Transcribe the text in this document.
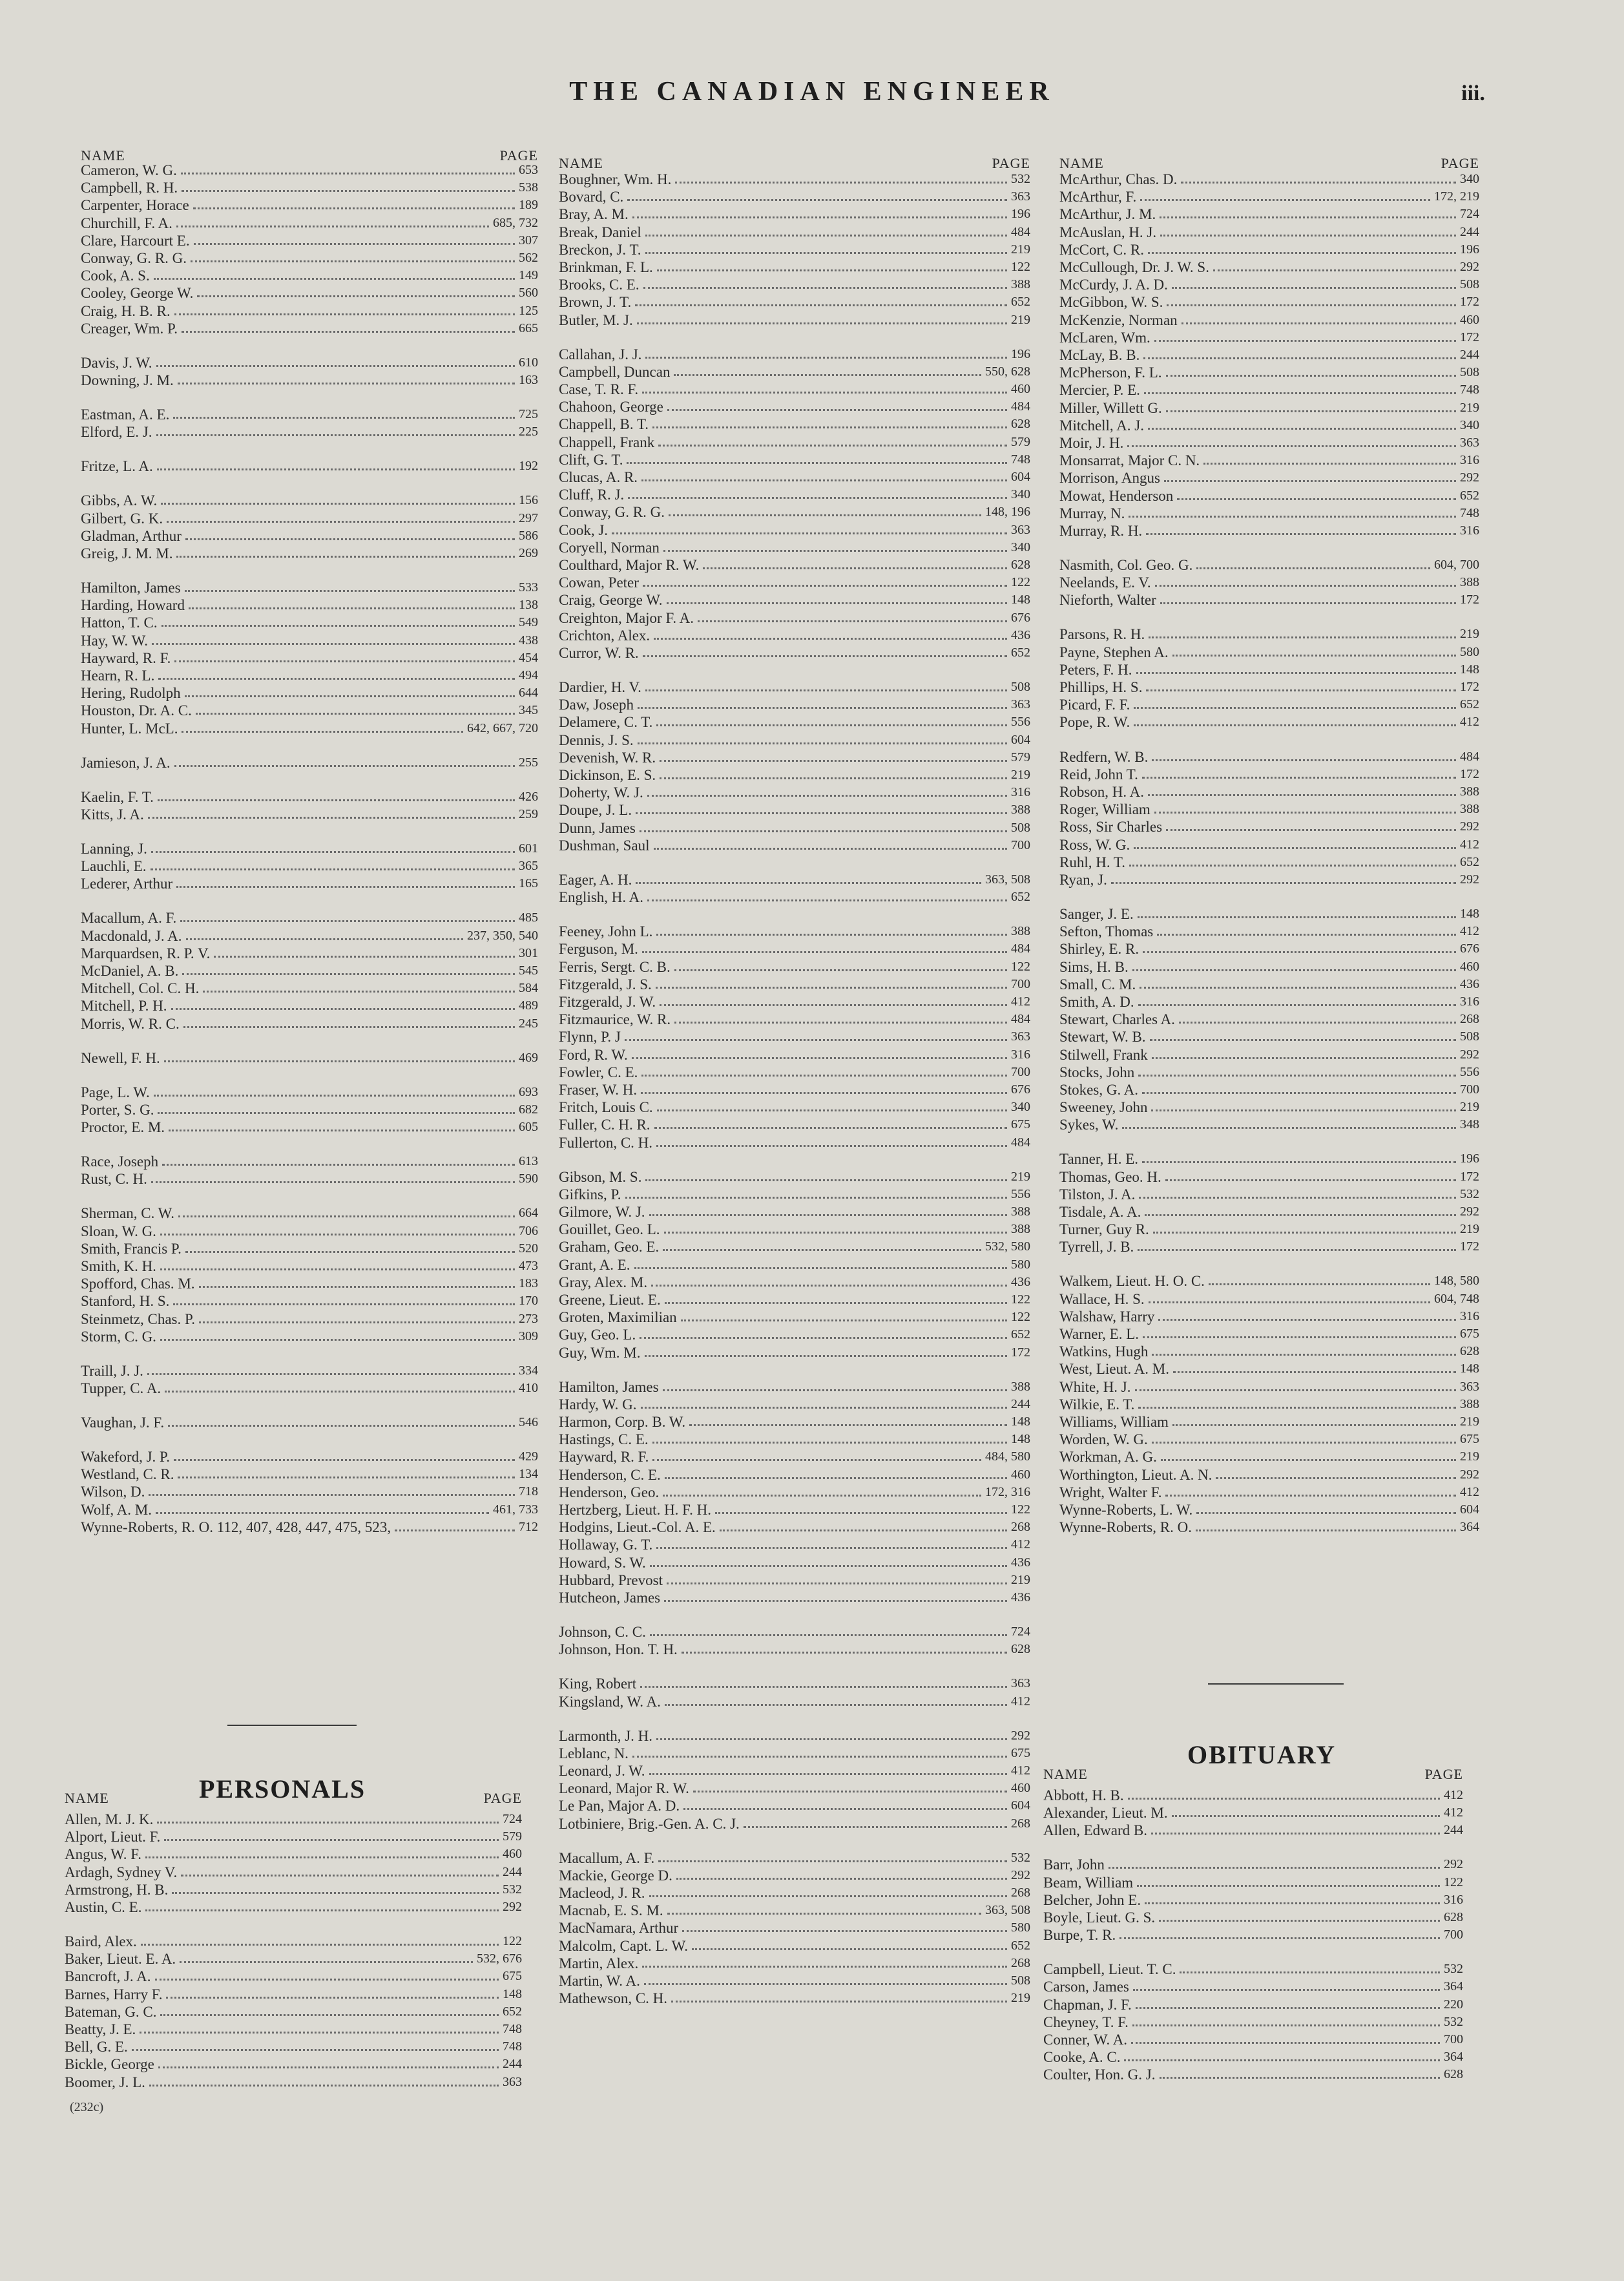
THE CANADIAN ENGINEER	iii.
NAME	PAGE
Cameron, W. G.	653
Campbell, R. H.	538
Carpenter, Horace	189
Churchill, F. A.	685, 732
Clare, Harcourt E.	307
Conway, G. R. G.	562
Cook, A. S.	149
Cooley, George W.	560
Craig, H. B. R.	125
Creager, Wm. P.	665
Davis, J. W.	610
Downing, J. M.	163
Eastman, A. E.	725
Elford, E. J.	225
Fritze, L. A.	192
Gibbs, A. W.	156
Gilbert, G. K.	297
Gladman, Arthur	586
Greig, J. M. M.	269
Hamilton, James	533
Harding, Howard	138
Hatton, T. C.	549
Hay, W. W.	438
Hayward, R. F.	454
Hearn, R. L.	494
Hering, Rudolph	644
Houston, Dr. A. C.	345
Hunter, L. McL.	642, 667, 720
Jamieson, J. A.	255
Kaelin, F. T.	426
Kitts, J. A.	259
Lanning, J.	601
Lauchli, E.	365
Lederer, Arthur	165
Macallum, A. F.	485
Macdonald, J. A.	237, 350, 540
Marquardsen, R. P. V.	301
McDaniel, A. B.	545
Mitchell, Col. C. H.	584
Mitchell, P. H.	489
Morris, W. R. C.	245
Newell, F. H.	469
Page, L. W.	693
Porter, S. G.	682
Proctor, E. M.	605
Race, Joseph	613
Rust, C. H.	590
Sherman, C. W.	664
Sloan, W. G.	706
Smith, Francis P.	520
Smith, K. H.	473
Spofford, Chas. M.	183
Stanford, H. S.	170
Steinmetz, Chas. P.	273
Storm, C. G.	309
Traill, J. J.	334
Tupper, C. A.	410
Vaughan, J. F.	546
Wakeford, J. P.	429
Westland, C. R.	134
Wilson, D.	718
Wolf, A. M.	461, 733
Wynne-Roberts, R. O. 112, 407, 428, 447, 475, 523,	712
NAME	PAGE
Boughner, Wm. H.	532
Bovard, C.	363
Bray, A. M.	196
Break, Daniel	484
Breckon, J. T.	219
Brinkman, F. L.	122
Brooks, C. E.	388
Brown, J. T.	652
Butler, M. J.	219
Callahan, J. J.	196
Campbell, Duncan	550, 628
Case, T. R. F.	460
Chahoon, George	484
Chappell, B. T.	628
Chappell, Frank	579
Clift, G. T.	748
Clucas, A. R.	604
Cluff, R. J.	340
Conway, G. R. G.	148, 196
Cook, J.	363
Coryell, Norman	340
Coulthard, Major R. W.	628
Cowan, Peter	122
Craig, George W.	148
Creighton, Major F. A.	676
Crichton, Alex.	436
Curror, W. R.	652
Dardier, H. V.	508
Daw, Joseph	363
Delamere, C. T.	556
Dennis, J. S.	604
Devenish, W. R.	579
Dickinson, E. S.	219
Doherty, W. J.	316
Doupe, J. L.	388
Dunn, James	508
Dushman, Saul	700
Eager, A. H.	363, 508
English, H. A.	652
Feeney, John L.	388
Ferguson, M.	484
Ferris, Sergt. C. B.	122
Fitzgerald, J. S.	700
Fitzgerald, J. W.	412
Fitzmaurice, W. R.	484
Flynn, P. J	363
Ford, R. W.	316
Fowler, C. E.	700
Fraser, W. H.	676
Fritch, Louis C.	340
Fuller, C. H. R.	675
Fullerton, C. H.	484
Gibson, M. S.	219
Gifkins, P.	556
Gilmore, W. J.	388
Gouillet, Geo. L.	388
Graham, Geo. E.	532, 580
Grant, A. E.	580
Gray, Alex. M.	436
Greene, Lieut. E.	122
Groten, Maximilian	122
Guy, Geo. L.	652
Guy, Wm. M.	172
Hamilton, James	388
Hardy, W. G.	244
Harmon, Corp. B. W.	148
Hastings, C. E.	148
Hayward, R. F.	484, 580
Henderson, C. E.	460
Henderson, Geo.	172, 316
Hertzberg, Lieut. H. F. H.	122
Hodgins, Lieut.-Col. A. E.	268
Hollaway, G. T.	412
Howard, S. W.	436
Hubbard, Prevost	219
Hutcheon, James	436
Johnson, C. C.	724
Johnson, Hon. T. H.	628
King, Robert	363
Kingsland, W. A.	412
Larmonth, J. H.	292
Leblanc, N.	675
Leonard, J. W.	412
Leonard, Major R. W.	460
Le Pan, Major A. D.	604
Lotbiniere, Brig.-Gen. A. C. J.	268
Macallum, A. F.	532
Mackie, George D.	292
Macleod, J. R.	268
Macnab, E. S. M.	363, 508
MacNamara, Arthur	580
Malcolm, Capt. L. W.	652
Martin, Alex.	268
Martin, W. A.	508
Mathewson, C. H.	219
NAME	PAGE
McArthur, Chas. D.	340
McArthur, F.	172, 219
McArthur, J. M.	724
McAuslan, H. J.	244
McCort, C. R.	196
McCullough, Dr. J. W. S.	292
McCurdy, J. A. D.	508
McGibbon, W. S.	172
McKenzie, Norman	460
McLaren, Wm.	172
McLay, B. B.	244
McPherson, F. L.	508
Mercier, P. E.	748
Miller, Willett G.	219
Mitchell, A. J.	340
Moir, J. H.	363
Monsarrat, Major C. N.	316
Morrison, Angus	292
Mowat, Henderson	652
Murray, N.	748
Murray, R. H.	316
Nasmith, Col. Geo. G.	604, 700
Neelands, E. V.	388
Nieforth, Walter	172
Parsons, R. H.	219
Payne, Stephen A.	580
Peters, F. H.	148
Phillips, H. S.	172
Picard, F. F.	652
Pope, R. W.	412
Redfern, W. B.	484
Reid, John T.	172
Robson, H. A.	388
Roger, William	388
Ross, Sir Charles	292
Ross, W. G.	412
Ruhl, H. T.	652
Ryan, J.	292
Sanger, J. E.	148
Sefton, Thomas	412
Shirley, E. R.	676
Sims, H. B.	460
Small, C. M.	436
Smith, A. D.	316
Stewart, Charles A.	268
Stewart, W. B.	508
Stilwell, Frank	292
Stocks, John	556
Stokes, G. A.	700
Sweeney, John	219
Sykes, W.	348
Tanner, H. E.	196
Thomas, Geo. H.	172
Tilston, J. A.	532
Tisdale, A. A.	292
Turner, Guy R.	219
Tyrrell, J. B.	172
Walkem, Lieut. H. O. C.	148, 580
Wallace, H. S.	604, 748
Walshaw, Harry	316
Warner, E. L.	675
Watkins, Hugh	628
West, Lieut. A. M.	148
White, H. J.	363
Wilkie, E. T.	388
Williams, William	219
Worden, W. G.	675
Workman, A. G.	219
Worthington, Lieut. A. N.	292
Wright, Walter F.	412
Wynne-Roberts, L. W.	604
Wynne-Roberts, R. O.	364
PERSONALS
NAME	PAGE
Allen, M. J. K.	724
Alport, Lieut. F.	579
Angus, W. F.	460
Ardagh, Sydney V.	244
Armstrong, H. B.	532
Austin, C. E.	292
Baird, Alex.	122
Baker, Lieut. E. A.	532, 676
Bancroft, J. A.	675
Barnes, Harry F.	148
Bateman, G. C.	652
Beatty, J. E.	748
Bell, G. E.	748
Bickle, George	244
Boomer, J. L.	363
(232c)
OBITUARY
NAME	PAGE
Abbott, H. B.	412
Alexander, Lieut. M.	412
Allen, Edward B.	244
Barr, John	292
Beam, William	122
Belcher, John E.	316
Boyle, Lieut. G. S.	628
Burpe, T. R.	700
Campbell, Lieut. T. C.	532
Carson, James	364
Chapman, J. F.	220
Cheyney, T. F.	532
Conner, W. A.	700
Cooke, A. C.	364
Coulter, Hon. G. J.	628
